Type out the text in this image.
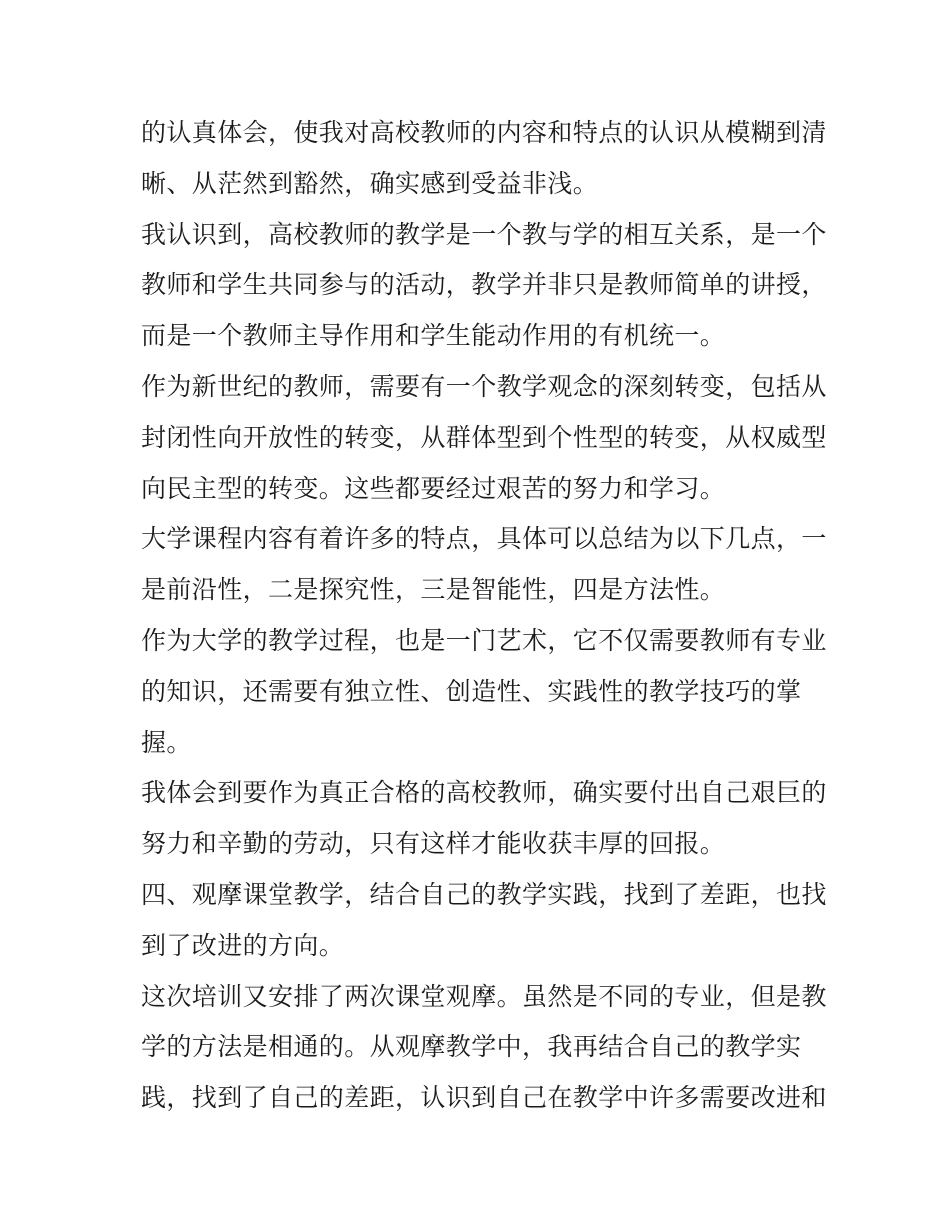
的认真体会，使我对高校教师的内容和特点的认识从模糊到清
晰、从茫然到豁然，确实感到受益非浅。
我认识到，高校教师的教学是一个教与学的相互关系，是一个
教师和学生共同参与的活动，教学并非只是教师简单的讲授，
而是一个教师主导作用和学生能动作用的有机统一。
作为新世纪的教师，需要有一个教学观念的深刻转变，包括从
封闭性向开放性的转变，从群体型到个性型的转变，从权威型
向民主型的转变。这些都要经过艰苦的努力和学习。
大学课程内容有着许多的特点，具体可以总结为以下几点，一
是前沿性，二是探究性，三是智能性，四是方法性。
作为大学的教学过程，也是一门艺术，它不仅需要教师有专业
的知识，还需要有独立性、创造性、实践性的教学技巧的掌
握。
我体会到要作为真正合格的高校教师，确实要付出自己艰巨的
努力和辛勤的劳动，只有这样才能收获丰厚的回报。
四、观摩课堂教学，结合自己的教学实践，找到了差距，也找
到了改进的方向。
这次培训又安排了两次课堂观摩。虽然是不同的专业，但是教
学的方法是相通的。从观摩教学中，我再结合自己的教学实
践，找到了自己的差距，认识到自己在教学中许多需要改进和
